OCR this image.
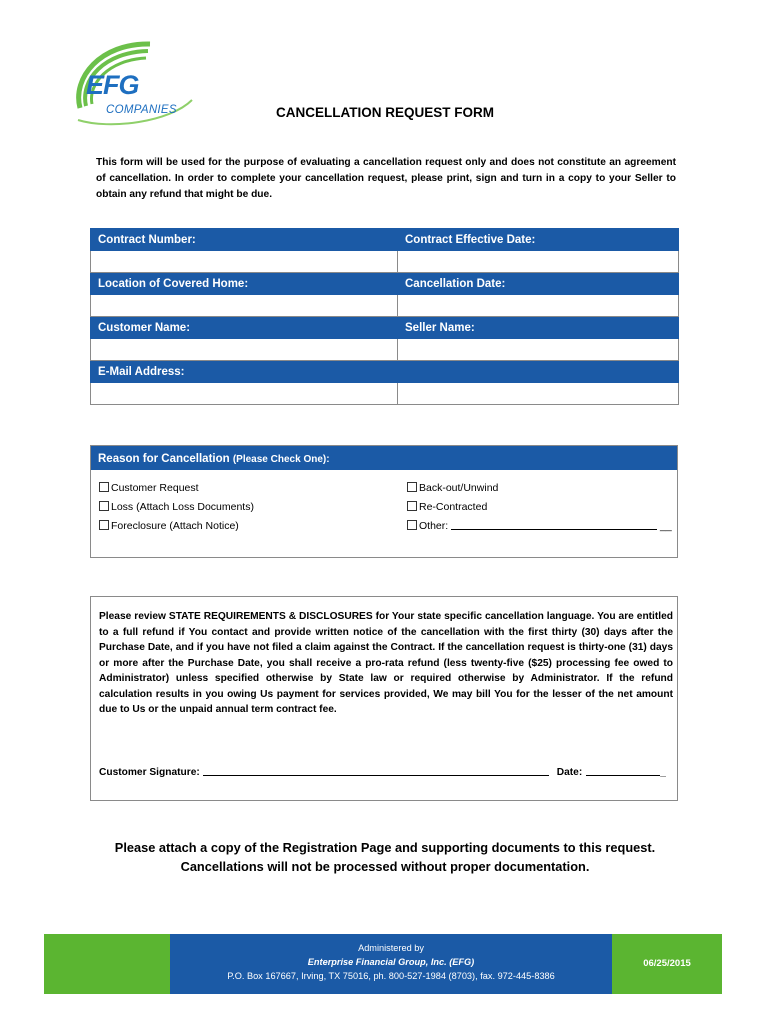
EFG
COMPANIES	CANCELLATION REQUEST FORM
This form will be used for the purpose of evaluating a cancellation request only and does not constitute an agreement of cancellation. In order to complete your cancellation request, please print, sign and turn in a copy to your Seller to obtain any refund that might be due.
Contract Number:	Contract Effective Date:

Location of Covered Home:	Cancellation Date:

Customer Name:	Seller Name:

E-Mail Address:	

Reason for Cancellation (Please Check One):
Customer Request
Loss (Attach Loss Documents)
Foreclosure (Attach Notice)
Back-out/Unwind
Re-Contracted
Other:	__
Please review STATE REQUIREMENTS & DISCLOSURES for Your state specific cancellation language. You are entitled to a full refund if You contact and provide written notice of the cancellation with the first thirty (30) days after the Purchase Date, and if you have not filed a claim against the Contract. If the cancellation request is thirty-one (31) days or more after the Purchase Date, you shall receive a pro-rata refund (less twenty-five ($25) processing fee owed to Administrator) unless specified otherwise by State law or required otherwise by Administrator. If the refund calculation results in you owing Us payment for services provided, We may bill You for the lesser of the net amount due to Us or the unpaid annual term contract fee.
Customer Signature:	Date:	_
Please attach a copy of the Registration Page and supporting documents to this request.
Cancellations will not be processed without proper documentation.
Administered by
Enterprise Financial Group, Inc. (EFG)
P.O. Box 167667, Irving, TX 75016, ph. 800-527-1984 (8703), fax. 972-445-8386
06/25/2015
